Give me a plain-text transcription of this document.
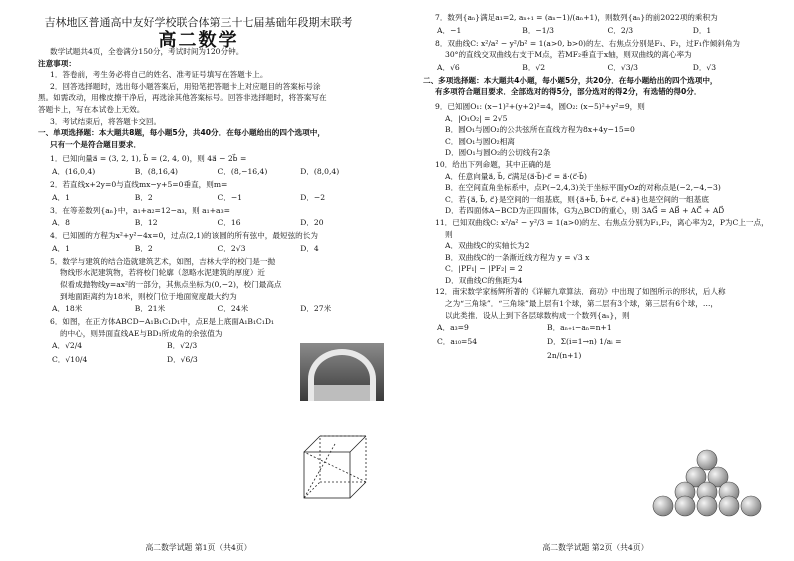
吉林地区普通高中友好学校联合体第三十七届基础年段期末联考
高二数学
数学试题共4页，全卷满分150分，考试时间为120分钟。
注意事项：
1．答卷前，考生务必将自己的姓名、准考证号填写在答题卡上。
2．回答选择题时，选出每小题答案后，用铅笔把答题卡上对应题目的答案标号涂
黑。如需改动，用橡皮擦干净后，再选涂其他答案标号。回答非选择题时，将答案写在
答题卡上，写在本试卷上无效。
3．考试结束后，将答题卡交回。
一、单项选择题：本大题共8题，每小题5分，共40分．在每小题给出的四个选项中，
只有一个是符合题目要求．
1．已知向量a⃗ = (3, 2, 1), b⃗ = (2, 4, 0)，则 4a⃗ − 2b⃗ =
A．(16,0,4)	B．(8,16,4)	C．(8,−16,4)	D．(8,0,4)
2．若直线x+2y=0与直线mx−y+5=0垂直，则m=
A．1	B．2	C．−1	D．−2
3．在等差数列{aₙ}中，a₁+a₂=12−a₃，则 a₁+a₃=
A．8	B．12	C．16	D．20
4．已知圆的方程为x²+y²−4x=0，过点(2,1)的该圆的所有弦中，最短弦的长为
A．1	B．2	C．2√3	D．4
5．数学与建筑的结合造就建筑艺术，如图，吉林大学的校门是一抛
物线形水泥建筑物，若将校门轮廓（忽略水泥建筑的厚度）近
似看成抛物线y=ax²的一部分，其焦点坐标为(0,−2)，校门最高点
到地面距离约为18米，则校门位于地面宽度最大约为
A．18米	B．21米	C．24米	D．27米
6．如图，在正方体ABCD−A₁B₁C₁D₁中，点E是上底面A₁B₁C₁D₁
的中心，则异面直线AE与BD₁所成角的余弦值为
A．√2/4	B．√2/3
C．√10/4	D．√6/3
高二数学试题 第1页（共4页）
7．数列{aₙ}满足a₁=2, aₙ₊₁ = (aₙ−1)/(aₙ+1)，则数列{aₙ}的前2022项的乘积为
A．−1	B．−1/3	C．2/3	D．1
8．双曲线C: x²/a² − y²/b² = 1(a>0, b>0)的左、右焦点分别是F₁、F₂，过F₁作倾斜角为
30°的直线交双曲线右支于M点，若MF₂垂直于x轴，则双曲线的离心率为
A．√6	B．√2	C．√3/3	D．√3
二、多项选择题：本大题共4小题，每小题5分，共20分．在每小题给出的四个选项中，
有多项符合题目要求．全部选对的得5分，部分选对的得2分，有选错的得0分．
9．已知圆O₁: (x−1)²+(y+2)²=4，圆O₂: (x−5)²+y²=9，则
A．|O₁O₂| = 2√5
B．圆O₁与圆O₂的公共弦所在直线方程为8x+4y−15=0
C．圆O₁与圆O₂相离
D．圆O₁与圆O₂的公切线有2条
10．给出下列命题，其中正确的是
A．任意向量a⃗, b⃗, c⃗满足(a⃗·b⃗)·c⃗ = a⃗·(c⃗·b⃗)
B．在空间直角坐标系中，点P(−2,4,3)关于坐标平面yOz的对称点是(−2,−4,−3)
C．若{a⃗, b⃗, c⃗}是空间的一组基底，则{a⃗+b⃗, b⃗+c⃗, c⃗+a⃗}也是空间的一组基底
D．若四面体A−BCD为正四面体，G为△BCD的重心，则 3AG⃗ = AB⃗ + AC⃗ + AD⃗
11．已知双曲线C: x²/a² − y²/3 = 1(a>0)的左、右焦点分别为F₁,F₂，离心率为2，P为C上一点，
则
A．双曲线C的实轴长为2
B．双曲线C的一条渐近线方程为 y = √3 x
C．|PF₁| − |PF₂| = 2
D．双曲线C的焦距为4
12．南宋数学家杨辉所著的《详解九章算法．商功》中出现了如图所示的形状，后人称
之为“三角垛”．“三角垛”最上层有1个球，第二层有3个球，第三层有6个球，…，
以此类推．设从上到下各层球数构成一个数列{aₙ}，则
A．a₃=9	B．aₙ₊₁−aₙ=n+1
C．a₁₀=54	D．Σ(i=1→n) 1/aᵢ = 2n/(n+1)
高二数学试题 第2页（共4页）
